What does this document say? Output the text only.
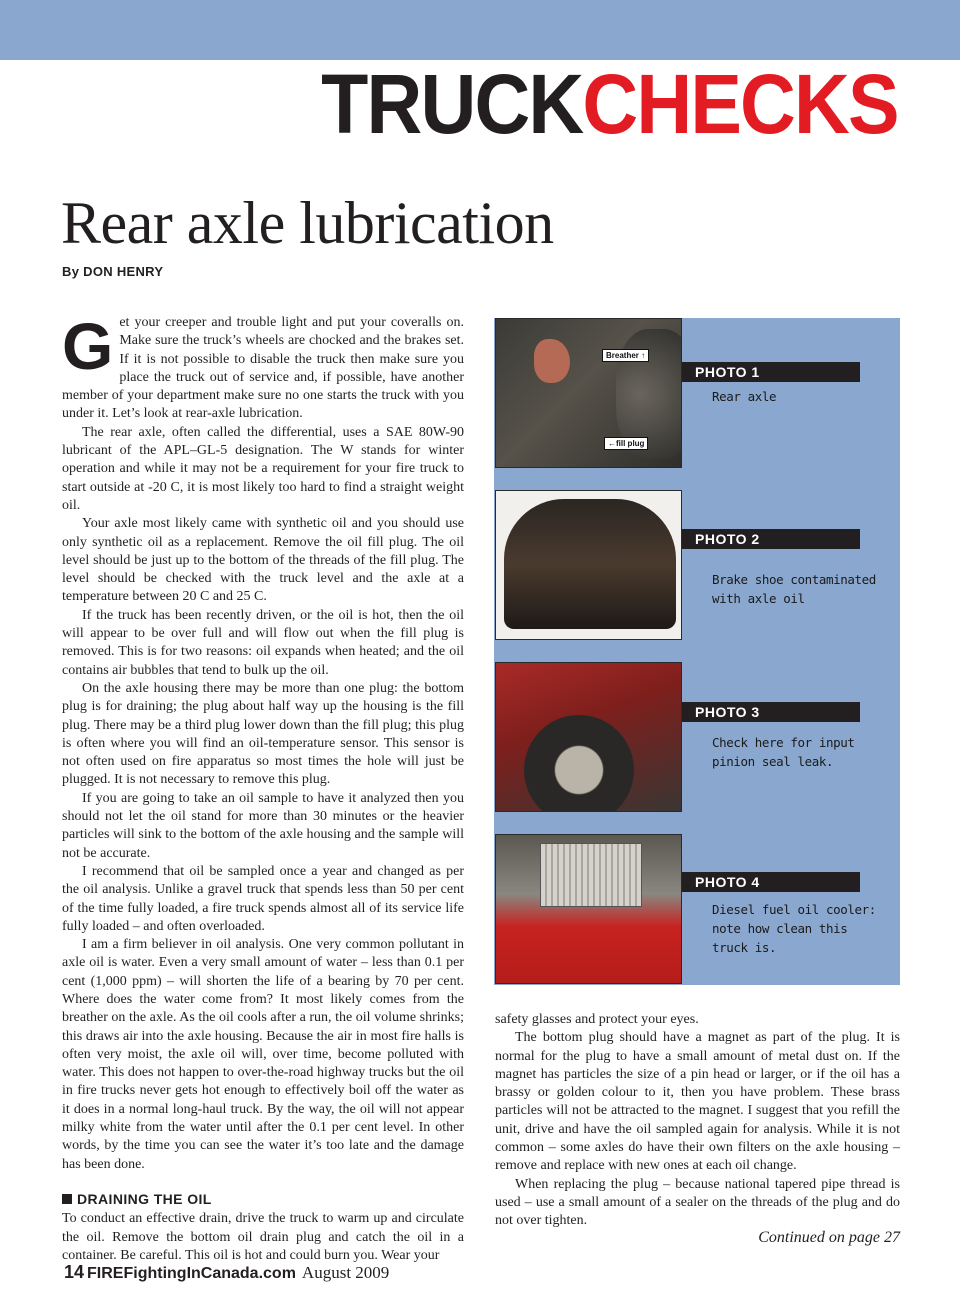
TRUCKCHECKS
Rear axle lubrication
By DON HENRY

Get your creeper and trouble light and put your coveralls on. Make sure the truck’s wheels are chocked and the brakes set. If it is not possible to disable the truck then make sure you place the truck out of service and, if possible, have another member of your department make sure no one starts the truck with you under it. Let’s look at rear-axle lubrication.

The rear axle, often called the differential, uses a SAE 80W-90 lubricant of the APL–GL-5 designation. The W stands for winter operation and while it may not be a requirement for your fire truck to start outside at -20 C, it is most likely too hard to find a straight weight oil.

Your axle most likely came with synthetic oil and you should use only synthetic oil as a replacement. Remove the oil fill plug. The oil level should be just up to the bottom of the threads of the fill plug. The level should be checked with the truck level and the axle at a temperature between 20 C and 25 C.

If the truck has been recently driven, or the oil is hot, then the oil will appear to be over full and will flow out when the fill plug is removed. This is for two reasons: oil expands when heated; and the oil contains air bubbles that tend to bulk up the oil.

On the axle housing there may be more than one plug: the bottom plug is for draining; the plug about half way up the housing is the fill plug. There may be a third plug lower down than the fill plug; this plug is often where you will find an oil-temperature sensor. This sensor is not often used on fire apparatus so most times the hole will just be plugged. It is not necessary to remove this plug.

If you are going to take an oil sample to have it analyzed then you should not let the oil stand for more than 30 minutes or the heavier particles will sink to the bottom of the axle housing and the sample will not be accurate.

I recommend that oil be sampled once a year and changed as per the oil analysis. Unlike a gravel truck that spends less than 50 per cent of the time fully loaded, a fire truck spends almost all of its service life fully loaded – and often overloaded.

I am a firm believer in oil analysis. One very common pollutant in axle oil is water. Even a very small amount of water – less than 0.1 per cent (1,000 ppm) – will shorten the life of a bearing by 70 per cent. Where does the water come from? It most likely comes from the breather on the axle. As the oil cools after a run, the oil volume shrinks; this draws air into the axle housing. Because the air in most fire halls is often very moist, the axle oil will, over time, become polluted with water. This does not happen to over-the-road highway trucks but the oil in fire trucks never gets hot enough to effectively boil off the water as it does in a normal long-haul truck. By the way, the oil will not appear milky white from the water until after the 0.1 per cent level. In other words, by the time you can see the water it’s too late and the damage has been done.

DRAINING THE OIL

To conduct an effective drain, drive the truck to warm up and circulate the oil. Remove the bottom oil drain plug and catch the oil in a container. Be careful. This oil is hot and could burn you. Wear your

Breather ↑
←fill plug
PHOTO 1
Rear axle
PHOTO 2
Brake shoe contaminated with axle oil
PHOTO 3
Check here for input pinion seal leak.
PHOTO 4
Diesel fuel oil cooler: note how clean this truck is.

safety glasses and protect your eyes.

The bottom plug should have a magnet as part of the plug. It is normal for the plug to have a small amount of metal dust on. If the magnet has particles the size of a pin head or larger, or if the oil has a brassy or golden colour to it, then you have problem. These brass particles will not be attracted to the magnet. I suggest that you refill the unit, drive and have the oil sampled again for analysis. While it is not common – some axles do have their own filters on the axle housing – remove and replace with new ones at each oil change.

When replacing the plug – because national tapered pipe thread is used – use a small amount of a sealer on the threads of the plug and do not over tighten.

Continued on page 27
14 FIREFightingInCanada.com August 2009
